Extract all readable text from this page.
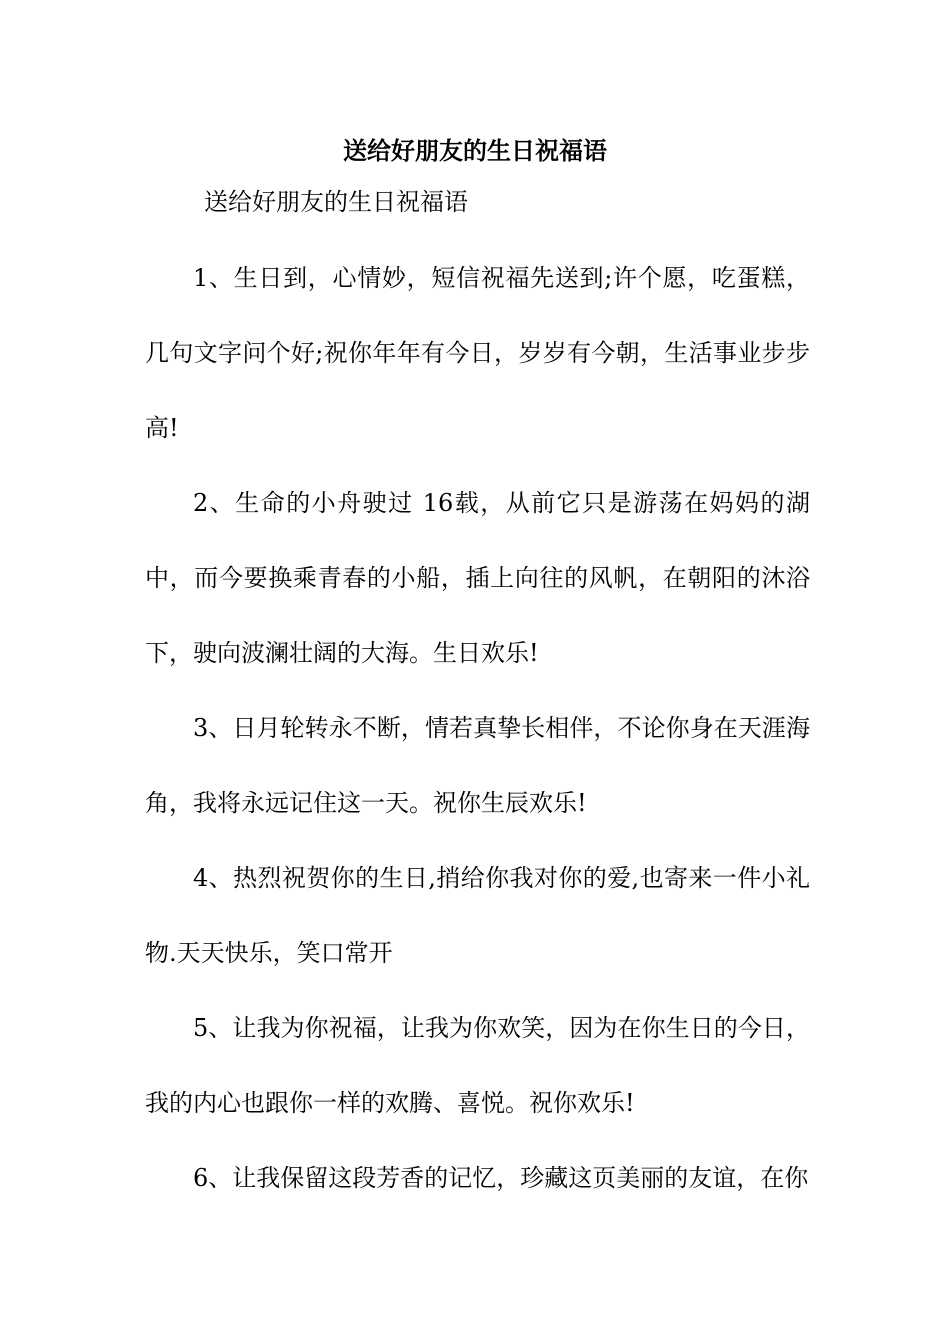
送给好朋友的生日祝福语

送给好朋友的生日祝福语

1、生日到，心情妙，短信祝福先送到;许个愿，吃蛋糕，几句文字问个好;祝你年年有今日，岁岁有今朝，生活事业步步高!

2、生命的小舟驶过 16载，从前它只是游荡在妈妈的湖中，而今要换乘青春的小船，插上向往的风帆，在朝阳的沐浴下，驶向波澜壮阔的大海。生日欢乐!

3、日月轮转永不断，情若真挚长相伴，不论你身在天涯海角，我将永远记住这一天。祝你生辰欢乐!

4、热烈祝贺你的生日,捎给你我对你的爱,也寄来一件小礼物.天天快乐，笑口常开

5、让我为你祝福，让我为你欢笑，因为在你生日的今日，我的内心也跟你一样的欢腾、喜悦。祝你欢乐!

6、让我保留这段芳香的记忆，珍藏这页美丽的友谊，在你
